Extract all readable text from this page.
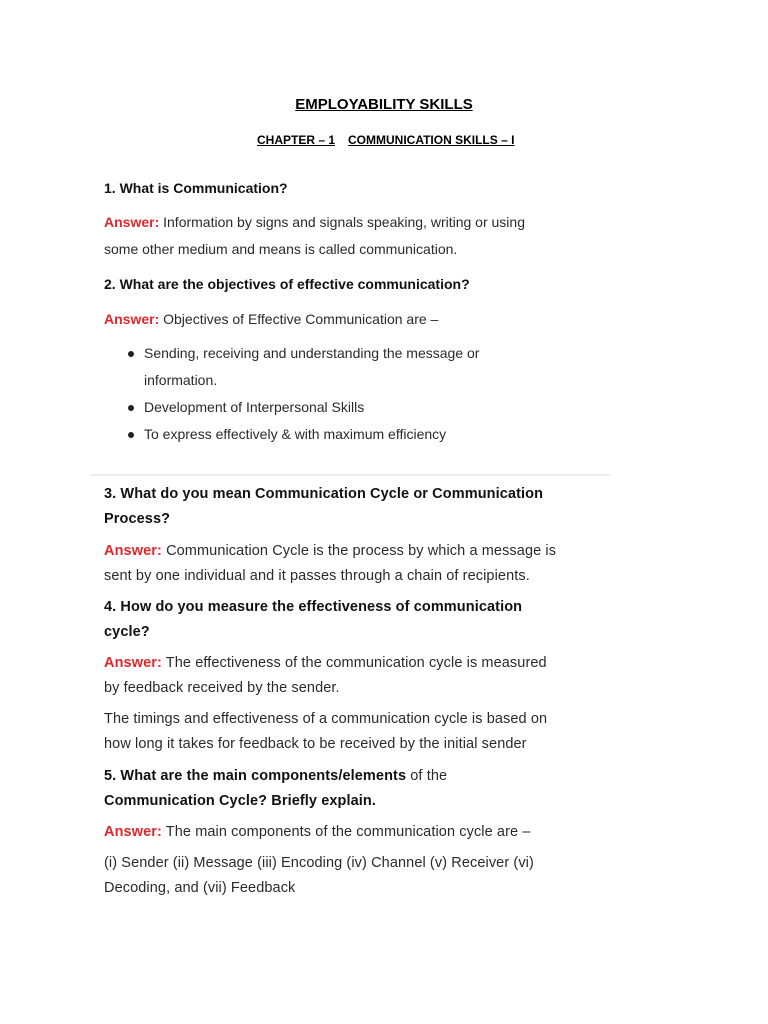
EMPLOYABILITY SKILLS
CHAPTER – 1 COMMUNICATION SKILLS – I
1. What is Communication?
Answer: Information by signs and signals speaking, writing or using
some other medium and means is called communication.
2. What are the objectives of effective communication?
Answer: Objectives of Effective Communication are –
Sending, receiving and understanding the message or
information.
Development of Interpersonal Skills
To express effectively & with maximum efficiency
3. What do you mean Communication Cycle or Communication
Process?
Answer: Communication Cycle is the process by which a message is
sent by one individual and it passes through a chain of recipients.
4. How do you measure the effectiveness of communication
cycle?
Answer: The effectiveness of the communication cycle is measured
by feedback received by the sender.
The timings and effectiveness of a communication cycle is based on
how long it takes for feedback to be received by the initial sender
5. What are the main components/elements of the
Communication Cycle? Briefly explain.
Answer: The main components of the communication cycle are –
(i) Sender (ii) Message (iii) Encoding (iv) Channel (v) Receiver (vi)
Decoding, and (vii) Feedback
